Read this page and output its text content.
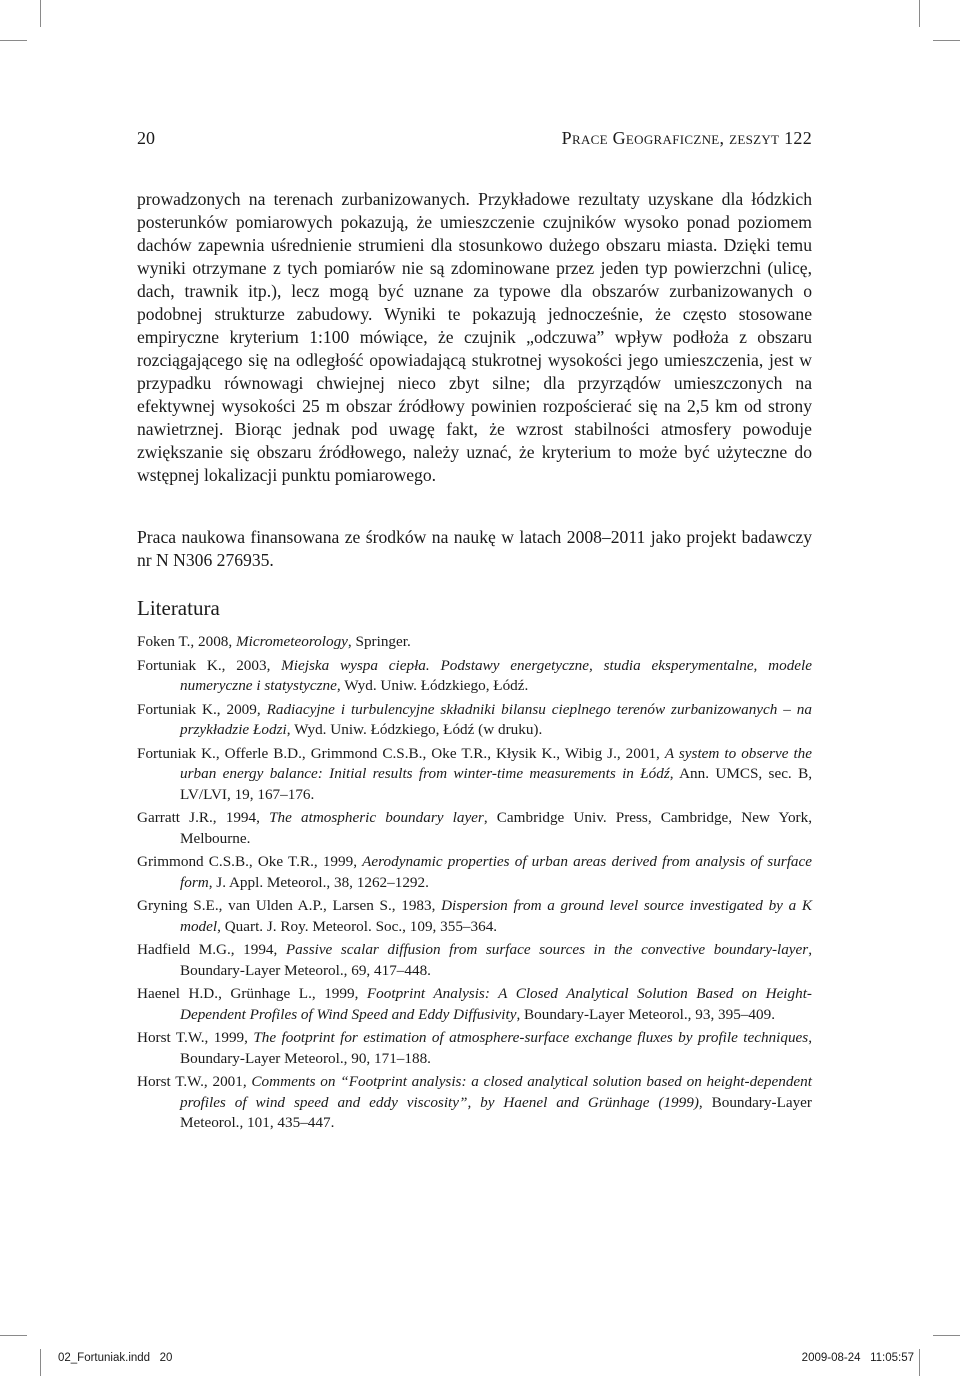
20	Prace Geograficzne, zeszyt 122

prowadzonych na terenach zurbanizowanych. Przykładowe rezultaty uzyskane dla łódzkich posterunków pomiarowych pokazują, że umieszczenie czujników wysoko ponad poziomem dachów zapewnia uśrednienie strumieni dla stosunkowo dużego obszaru miasta. Dzięki temu wyniki otrzymane z tych pomiarów nie są zdominowane przez jeden typ powierzchni (ulicę, dach, trawnik itp.), lecz mogą być uznane za typowe dla obszarów zurbanizowanych o podobnej strukturze zabudowy. Wyniki te pokazują jednocześnie, że często stosowane empiryczne kryterium 1:100 mówiące, że czujnik „odczuwa” wpływ podłoża z obszaru rozciągającego się na odległość opowiadającą stukrotnej wysokości jego umieszczenia, jest w przypadku równowagi chwiejnej nieco zbyt silne; dla przyrządów umieszczonych na efektywnej wysokości 25 m obszar źródłowy powinien rozpościerać się na 2,5 km od strony nawietrznej. Biorąc jednak pod uwagę fakt, że wzrost stabilności atmosfery powoduje zwiększanie się obszaru źródłowego, należy uznać, że kryterium to może być użyteczne do wstępnej lokalizacji punktu pomiarowego.

Praca naukowa finansowana ze środków na naukę w latach 2008–2011 jako projekt badawczy nr N N306 276935.

Literatura
Foken T., 2008, Micrometeorology, Springer.
Fortuniak K., 2003, Miejska wyspa ciepła. Podstawy energetyczne, studia eksperymentalne, modele numeryczne i statystyczne, Wyd. Uniw. Łódzkiego, Łódź.
Fortuniak K., 2009, Radiacyjne i turbulencyjne składniki bilansu cieplnego terenów zurbanizowanych – na przykładzie Łodzi, Wyd. Uniw. Łódzkiego, Łódź (w druku).
Fortuniak K., Offerle B.D., Grimmond C.S.B., Oke T.R., Kłysik K., Wibig J., 2001, A system to observe the urban energy balance: Initial results from winter-time measurements in Łódź, Ann. UMCS, sec. B, LV/LVI, 19, 167–176.
Garratt J.R., 1994, The atmospheric boundary layer, Cambridge Univ. Press, Cambridge, New York, Melbourne.
Grimmond C.S.B., Oke T.R., 1999, Aerodynamic properties of urban areas derived from analysis of surface form, J. Appl. Meteorol., 38, 1262–1292.
Gryning S.E., van Ulden A.P., Larsen S., 1983, Dispersion from a ground level source investigated by a K model, Quart. J. Roy. Meteorol. Soc., 109, 355–364.
Hadfield M.G., 1994, Passive scalar diffusion from surface sources in the convective boundary-layer, Boundary-Layer Meteorol., 69, 417–448.
Haenel H.D., Grünhage L., 1999, Footprint Analysis: A Closed Analytical Solution Based on Height-Dependent Profiles of Wind Speed and Eddy Diffusivity, Boundary-Layer Meteorol., 93, 395–409.
Horst T.W., 1999, The footprint for estimation of atmosphere-surface exchange fluxes by profile techniques, Boundary-Layer Meteorol., 90, 171–188.
Horst T.W., 2001, Comments on “Footprint analysis: a closed analytical solution based on height-dependent profiles of wind speed and eddy viscosity”, by Haenel and Grünhage (1999), Boundary-Layer Meteorol., 101, 435–447.
02_Fortuniak.indd   20	2009-08-24   11:05:57
